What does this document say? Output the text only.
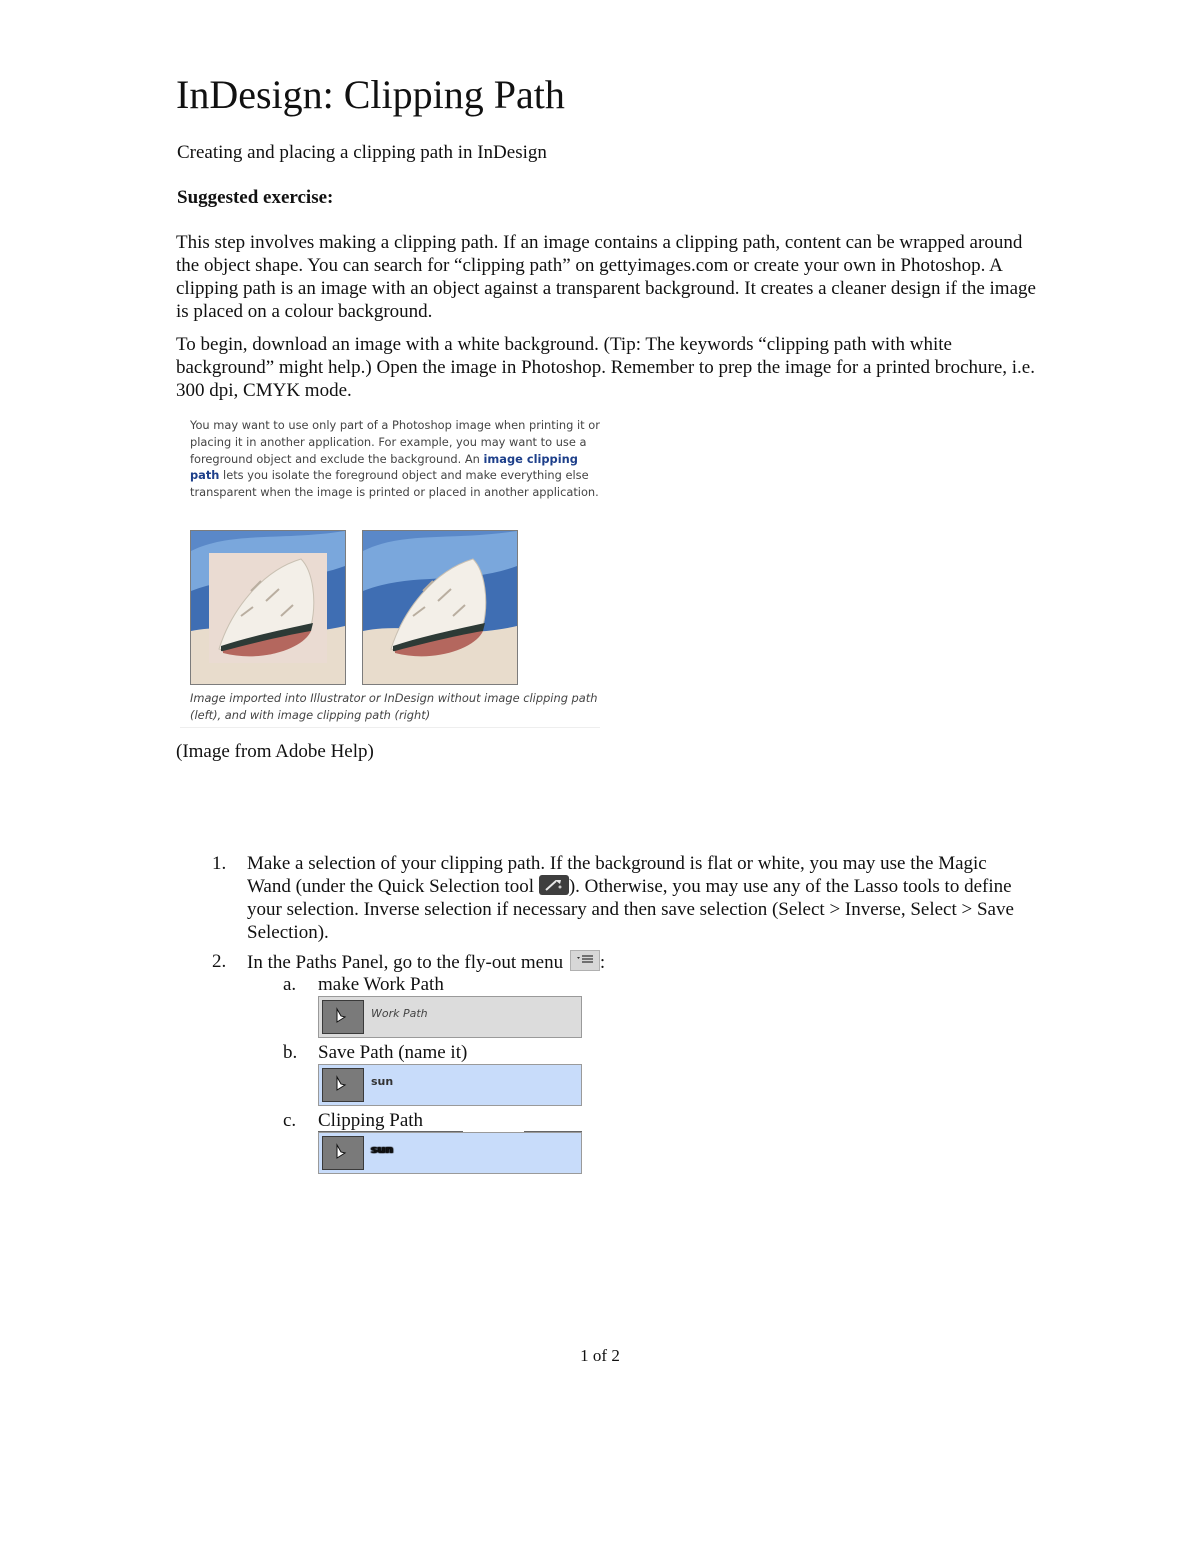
InDesign: Clipping Path

Creating and placing a clipping path in InDesign

Suggested exercise:

This step involves making a clipping path. If an image contains a clipping path, content can be wrapped around the object shape. You can search for “clipping path” on gettyimages.com or create your own in Photoshop. A clipping path is an image with an object against a transparent background. It creates a cleaner design if the image is placed on a colour background.

To begin, download an image with a white background. (Tip: The keywords “clipping path with white background” might help.) Open the image in Photoshop. Remember to prep the image for a printed brochure, i.e. 300 dpi, CMYK mode.

You may want to use only part of a Photoshop image when printing it or placing it in another application. For example, you may want to use a foreground object and exclude the background. An image clipping path lets you isolate the foreground object and make everything else transparent when the image is printed or placed in another application.

Image imported into Illustrator or InDesign without image clipping path (left), and with image clipping path (right)

(Image from Adobe Help)

1. Make a selection of your clipping path. If the background is flat or white, you may use the Magic Wand (under the Quick Selection tool
). Otherwise, you may use any of the Lasso tools to define your selection. Inverse selection if necessary and then save selection (Select > Inverse, Select > Save Selection).

2. In the Paths Panel, go to the fly-out menu
:

a. make Work Path

Work Path
b. Save Path (name it)

sun
c. Clipping Path

sun

1 of 2
